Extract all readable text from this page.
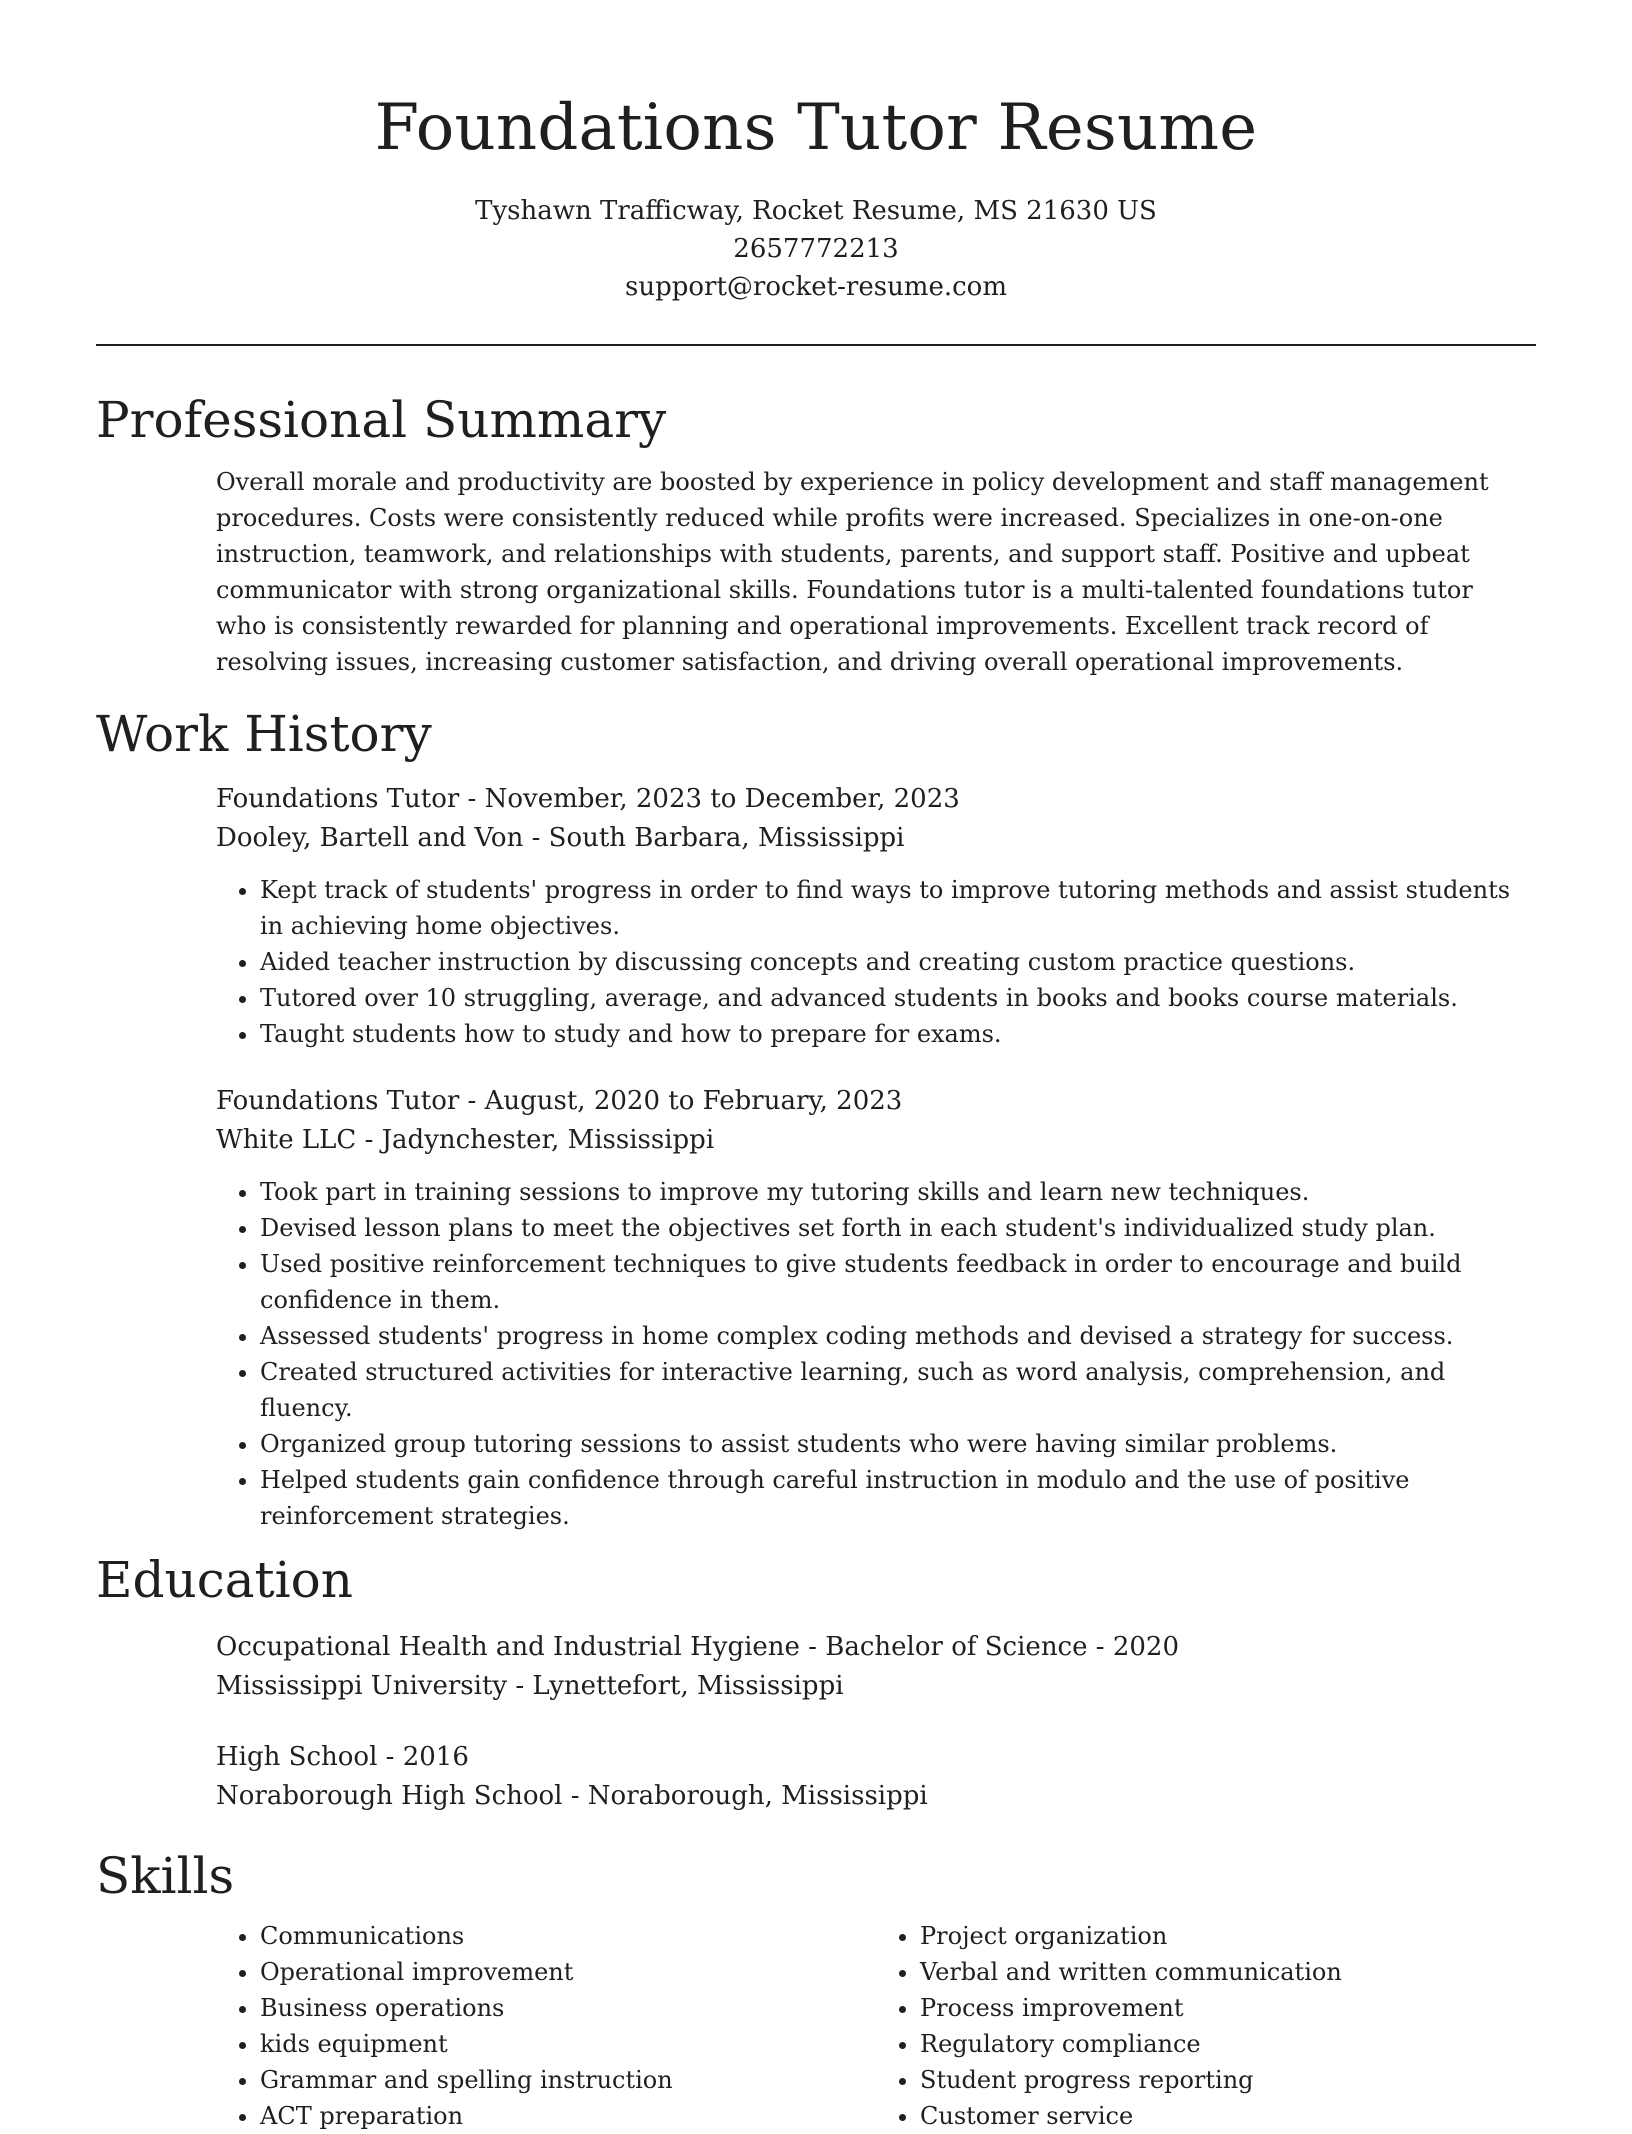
Foundations Tutor Resume
Tyshawn Trafficway, Rocket Resume, MS 21630 US
2657772213
support@rocket-resume.com
Professional Summary
Overall morale and productivity are boosted by experience in policy development and staff management procedures. Costs were consistently reduced while profits were increased. Specializes in one-on-one instruction, teamwork, and relationships with students, parents, and support staff. Positive and upbeat communicator with strong organizational skills. Foundations tutor is a multi-talented foundations tutor who is consistently rewarded for planning and operational improvements. Excellent track record of resolving issues, increasing customer satisfaction, and driving overall operational improvements.
Work History
Foundations Tutor - November, 2023 to December, 2023
Dooley, Bartell and Von - South Barbara, Mississippi
• Kept track of students' progress in order to find ways to improve tutoring methods and assist students in achieving home objectives.
• Aided teacher instruction by discussing concepts and creating custom practice questions.
• Tutored over 10 struggling, average, and advanced students in books and books course materials.
• Taught students how to study and how to prepare for exams.
Foundations Tutor - August, 2020 to February, 2023
White LLC - Jadynchester, Mississippi
• Took part in training sessions to improve my tutoring skills and learn new techniques.
• Devised lesson plans to meet the objectives set forth in each student's individualized study plan.
• Used positive reinforcement techniques to give students feedback in order to encourage and build confidence in them.
• Assessed students' progress in home complex coding methods and devised a strategy for success.
• Created structured activities for interactive learning, such as word analysis, comprehension, and fluency.
• Organized group tutoring sessions to assist students who were having similar problems.
• Helped students gain confidence through careful instruction in modulo and the use of positive reinforcement strategies.
Education
Occupational Health and Industrial Hygiene - Bachelor of Science - 2020
Mississippi University - Lynettefort, Mississippi
High School - 2016
Noraborough High School - Noraborough, Mississippi
Skills
• Communications
• Operational improvement
• Business operations
• kids equipment
• Grammar and spelling instruction
• ACT preparation
• Project organization
• Verbal and written communication
• Process improvement
• Regulatory compliance
• Student progress reporting
• Customer service
